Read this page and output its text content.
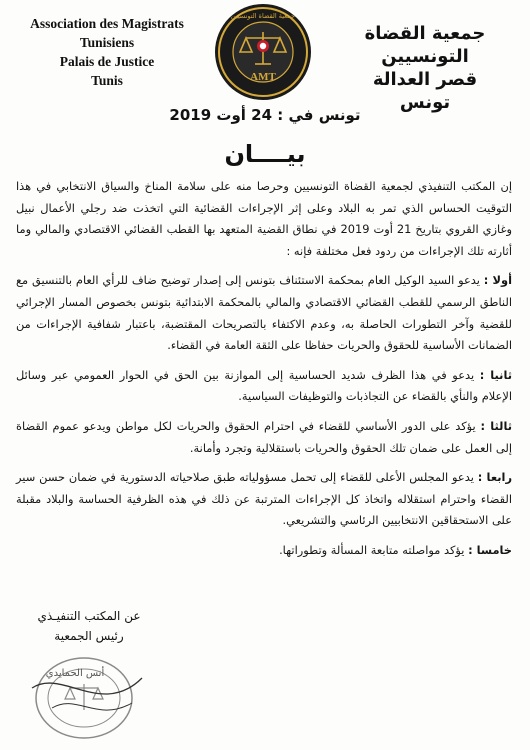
Association des Magistrats
Tunisiens
Palais de Justice
Tunis	AMT
جمعية القضاة التونسيين
جمعية القضاة التونسيين
قصر العدالة
تونس
تونس في : 24 أوت 2019
بيــــان

إن المكتب التنفيذي لجمعية القضاة التونسيين وحرصا منه على سلامة المناخ والسياق الانتخابي في هذا التوقيت الحساس الذي تمر به البلاد وعلى إثر الإجراءات القضائية التي اتخذت ضد رجلي الأعمال نبيل وغازي القروي بتاريخ 21 أوت 2019 في نطاق القضية المتعهد بها القطب القضائي الاقتصادي والمالي وما أثارته تلك الإجراءات من ردود فعل مختلفة فإنه :

أولا : يدعو السيد الوكيل العام بمحكمة الاستئناف بتونس إلى إصدار توضيح ضاف للرأي العام بالتنسيق مع الناطق الرسمي للقطب القضائي الاقتصادي والمالي بالمحكمة الابتدائية بتونس بخصوص المسار الإجرائي للقضية وآخر التطورات الحاصلة به، وعدم الاكتفاء بالتصريحات المقتضبة، باعتبار شفافية الإجراءات من الضمانات الأساسية للحقوق والحريات حفاظا على الثقة العامة في القضاء.

ثانيا : يدعو في هذا الظرف شديد الحساسية إلى الموازنة بين الحق في الحوار العمومي عبر وسائل الإعلام والنأي بالقضاء عن التجاذبات والتوظيفات السياسية.

ثالثا : يؤكد على الدور الأساسي للقضاء في احترام الحقوق والحريات لكل مواطن ويدعو عموم القضاة إلى العمل على ضمان تلك الحقوق والحريات باستقلالية وتجرد وأمانة.

رابعا : يدعو المجلس الأعلى للقضاء إلى تحمل مسؤولياته طبق صلاحياته الدستورية في ضمان حسن سير القضاء واحترام استقلاله واتخاذ كل الإجراءات المترتبة عن ذلك في هذه الظرفية الحساسة والبلاد مقبلة على الاستحقاقين الانتخابيين الرئاسي والتشريعي.

خامسا : يؤكد مواصلته متابعة المسألة وتطوراتها.

عن المكتب التنفيـذي
رئيس الجمعية
أنس الحمايدي
